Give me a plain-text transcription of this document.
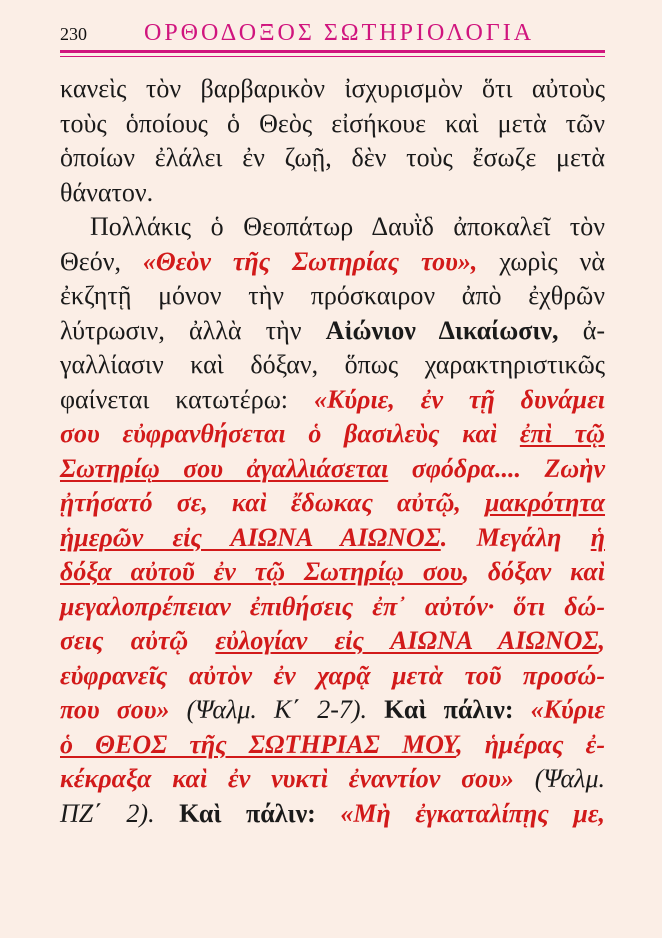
230 ΟΡΘΟΔΟΞΟΣ ΣΩΤΗΡΙΟΛΟΓΙΑ
κανεὶς τὸν βαρβαρικὸν ἰσχυρισμὸν ὅτι αὐτοὺς
τοὺς ὁποίους ὁ Θεὸς εἰσήκουε καὶ μετὰ τῶν
ὁποίων ἐλάλει ἐν ζωῇ, δὲν τοὺς ἔσωζε μετὰ
θάνατον.
Πολλάκις ὁ Θεοπάτωρ Δαυῒδ ἀποκαλεῖ τὸν
Θεόν, «Θεὸν τῆς Σωτηρίας του», χωρὶς νὰ
ἐκζητῇ μόνον τὴν πρόσκαιρον ἀπὸ ἐχθρῶν
λύτρωσιν, ἀλλὰ τὴν Αἰώνιον Δικαίωσιν, ἀ-
γαλλίασιν καὶ δόξαν, ὅπως χαρακτηριστικῶς
φαίνεται κατωτέρω: «Κύριε, ἐν τῇ δυνάμει
σου εὐφρανθήσεται ὁ βασιλεὺς καὶ ἐπὶ τῷ
Σωτηρίῳ σου ἀγαλλιάσεται σφόδρα.... Ζωὴν
ᾐτήσατό σε, καὶ ἔδωκας αὐτῷ, μακρότητα
ἡμερῶν εἰς ΑΙΩΝΑ ΑΙΩΝΟΣ. Μεγάλη ἡ
δόξα αὐτοῦ ἐν τῷ Σωτηρίῳ σου, δόξαν καὶ
μεγαλοπρέπειαν ἐπιθήσεις ἐπ᾽ αὐτόν· ὅτι δώ-
σεις αὐτῷ εὐλογίαν εἰς ΑΙΩΝΑ ΑΙΩΝΟΣ,
εὐφρανεῖς αὐτὸν ἐν χαρᾷ μετὰ τοῦ προσώ-
που σου» (Ψαλμ. Κ΄ 2-7). Καὶ πάλιν: «Κύριε
ὁ ΘΕΟΣ τῆς ΣΩΤΗΡΙΑΣ ΜΟΥ, ἡμέρας ἐ-
κέκραξα καὶ ἐν νυκτὶ ἐναντίον σου» (Ψαλμ.
ΠΖ΄ 2). Καὶ πάλιν: «Μὴ ἐγκαταλίπῃς με,
